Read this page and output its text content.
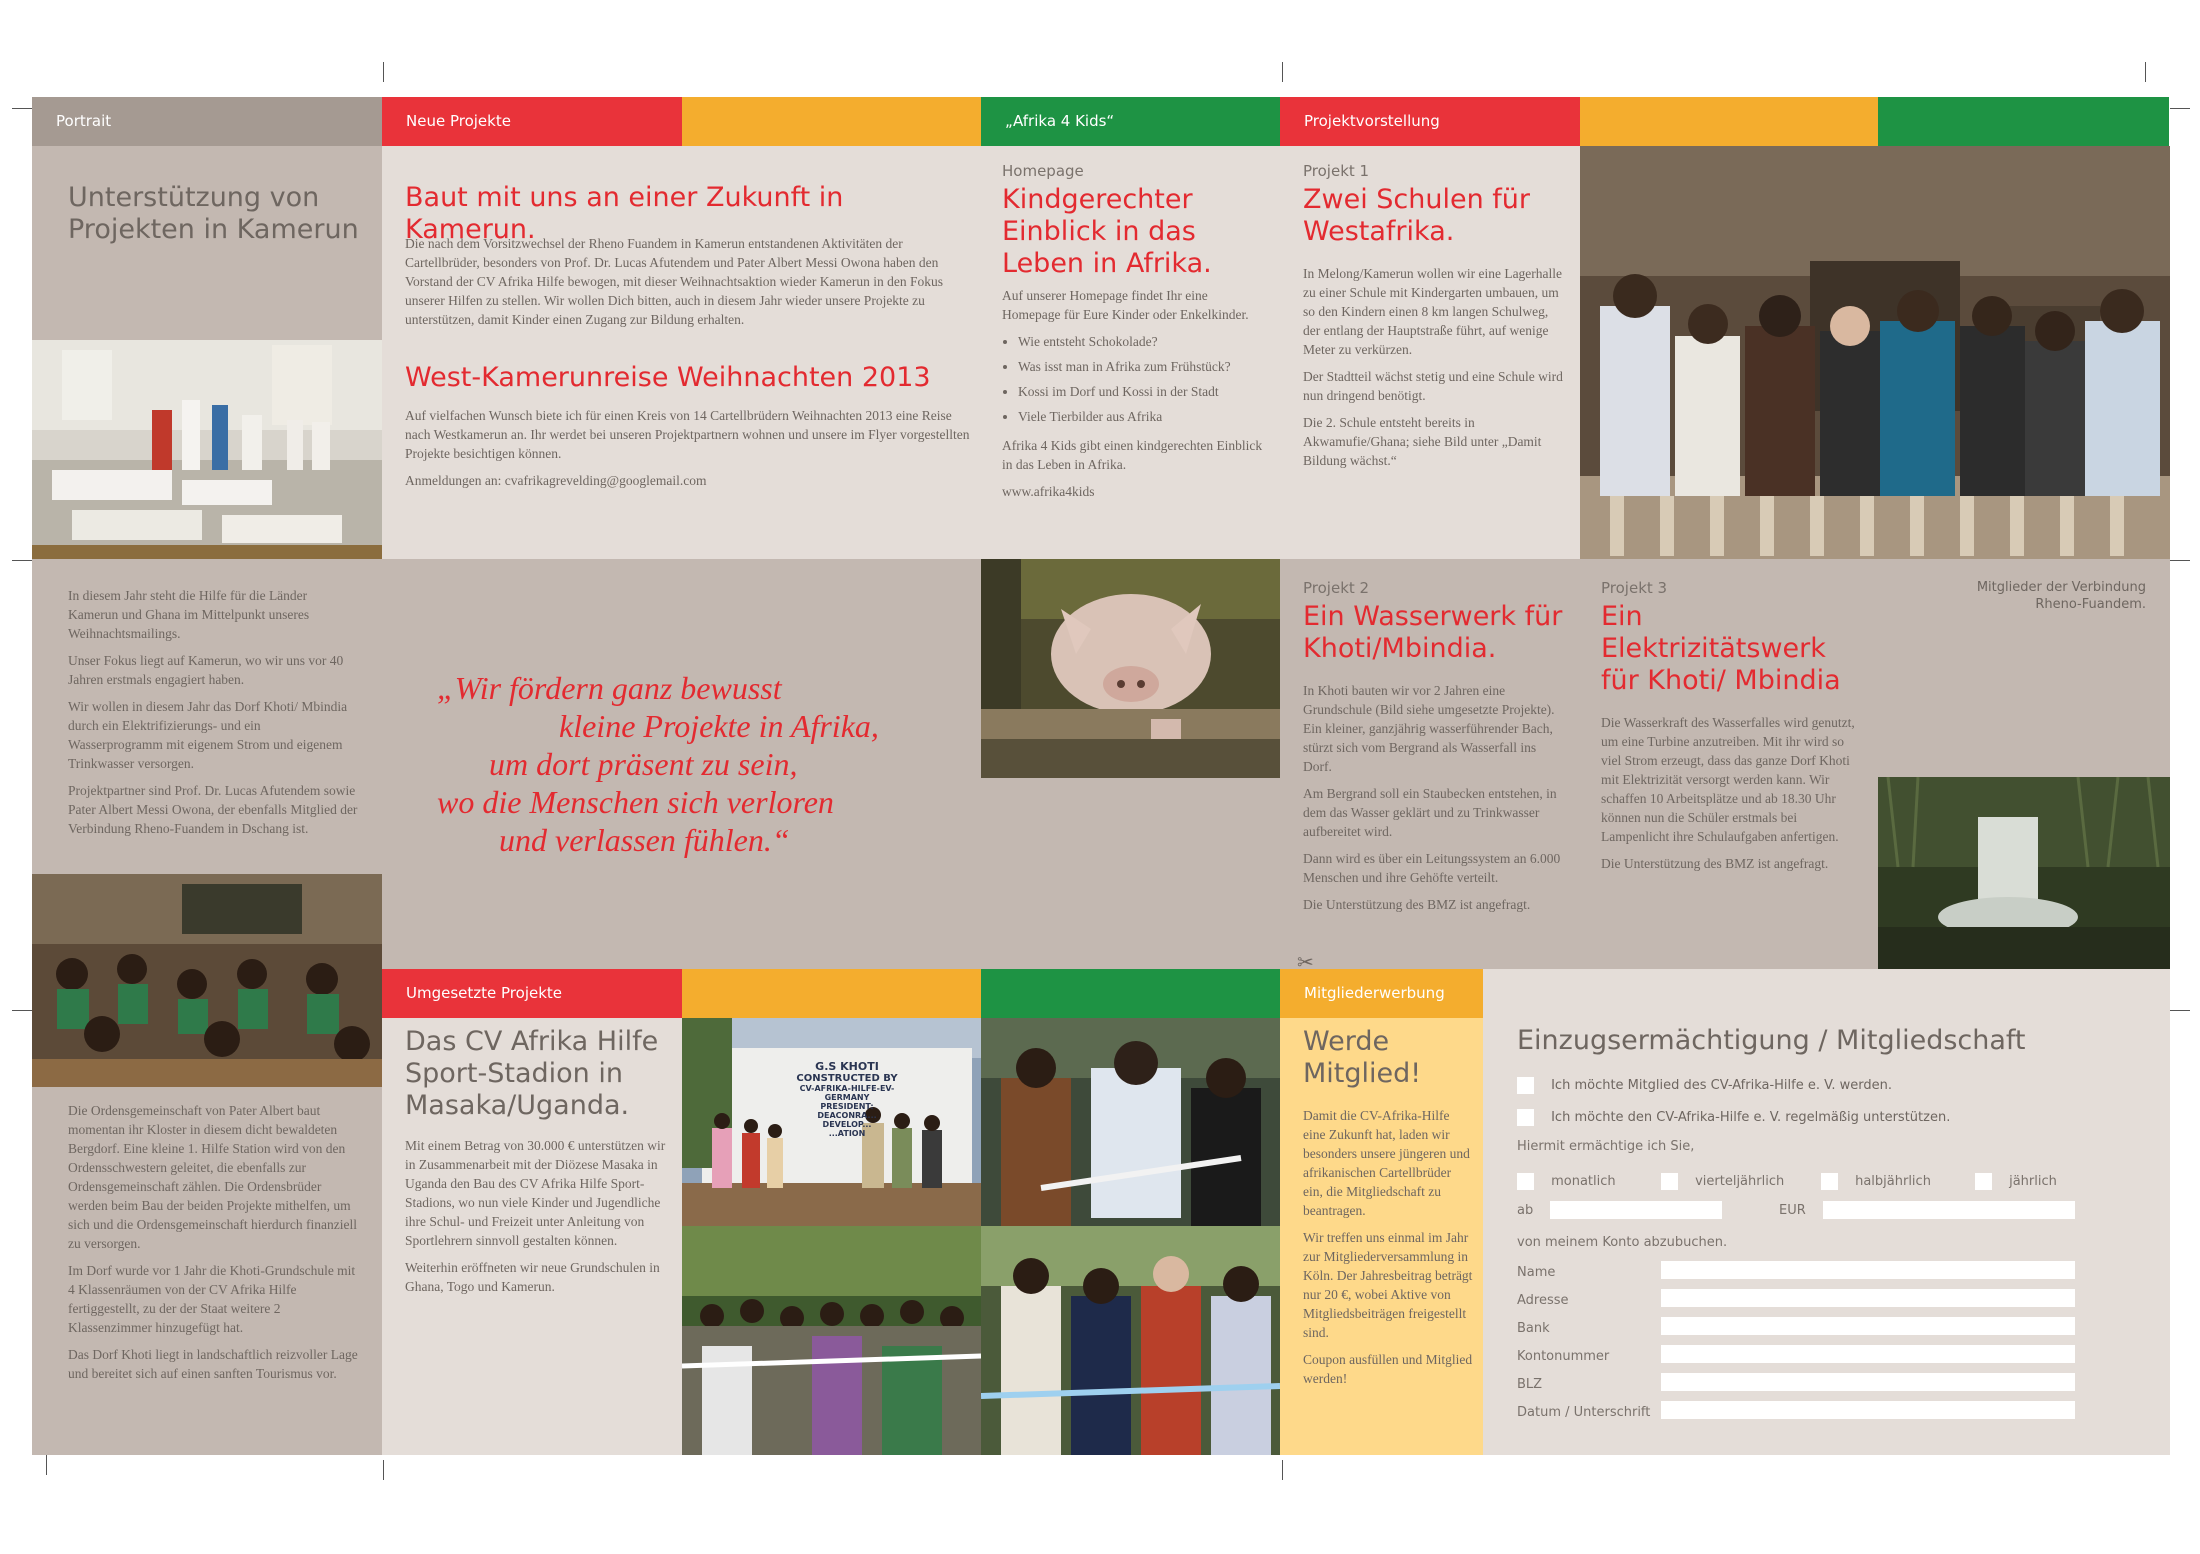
Portrait	Neue Projekte	„Afrika 4 Kids“	Projektvorstellung
Unterstützung von Projekten in Kamerun
Baut mit uns an einer Zukunft in Kamerun.
Die nach dem Vorsitzwechsel der Rheno Fuandem in Kamerun entstandenen Aktivitäten der Cartellbrüder, besonders von Prof. Dr. Lucas Afutendem und Pater Albert Messi Owona haben den Vorstand der CV Afrika Hilfe bewogen, mit dieser Weihnachtsaktion wieder Kamerun in den Fokus unserer Hilfen zu stellen. Wir wollen Dich bitten, auch in diesem Jahr wieder unsere Projekte zu unterstützen, damit Kinder einen Zugang zur Bildung erhalten.
West-Kamerunreise Weihnachten 2013
Auf vielfachen Wunsch biete ich für einen Kreis von 14 Cartellbrüdern Weihnachten 2013 eine Reise nach Westkamerun an. Ihr werdet bei unseren Projektpartnern wohnen und unsere im Flyer vorgestellten Projekte besichtigen können.
Anmeldungen an: cvafrikagrevelding@googlemail.com
Homepage
Kindgerechter Einblick in das Leben in Afrika.

Auf unserer Homepage findet Ihr eine Homepage für Eure Kinder oder Enkelkinder.

• Wie entsteht Schokolade?
• Was isst man in Afrika zum Frühstück?
• Kossi im Dorf und Kossi in der Stadt
• Viele Tierbilder aus Afrika

Afrika 4 Kids gibt einen kindgerechten Einblick in das Leben in Afrika.

www.afrika4kids

Projekt 1
Zwei Schulen für Westafrika.

In Melong/Kamerun wollen wir eine Lagerhalle zu einer Schule mit Kindergarten umbauen, um so den Kindern einen 8 km langen Schulweg, der entlang der Hauptstraße führt, auf wenige Meter zu verkürzen.

Der Stadtteil wächst stetig und eine Schule wird nun dringend benötigt.

Die 2. Schule entsteht bereits in Akwamufie/Ghana; siehe Bild unter „Damit Bildung wächst.“

In diesem Jahr steht die Hilfe für die Länder Kamerun und Ghana im Mittelpunkt unseres Weihnachtsmailings.

Unser Fokus liegt auf Kamerun, wo wir uns vor 40 Jahren erstmals engagiert haben.

Wir wollen in diesem Jahr das Dorf Khoti/ Mbindia durch ein Elektrifizierungs- und ein Wasserprogramm mit eigenem Strom und eigenem Trinkwasser versorgen.

Projektpartner sind Prof. Dr. Lucas Afutendem sowie Pater Albert Messi Owona, der ebenfalls Mitglied der Verbindung Rheno-Fuandem in Dschang ist.

„Wir fördern ganz bewusst
kleine Projekte in Afrika,
um dort präsent zu sein,
wo die Menschen sich verloren
und verlassen fühlen.“
Projekt 2
Ein Wasserwerk für Khoti/Mbindia.

In Khoti bauten wir vor 2 Jahren eine Grundschule (Bild siehe umgesetzte Projekte). Ein kleiner, ganzjährig wasserführender Bach, stürzt sich vom Bergrand als Wasserfall ins Dorf.

Am Bergrand soll ein Staubecken entstehen, in dem das Wasser geklärt und zu Trinkwasser aufbereitet wird.

Dann wird es über ein Leitungssystem an 6.000 Menschen und ihre Gehöfte verteilt.

Die Unterstützung des BMZ ist angefragt.

Projekt 3
Ein Elektrizitätswerk für Khoti/ Mbindia

Die Wasserkraft des Wasserfalles wird genutzt, um eine Turbine anzutreiben. Mit ihr wird so viel Strom erzeugt, dass das ganze Dorf Khoti mit Elektrizität versorgt werden kann. Wir schaffen 10 Arbeitsplätze und ab 18.30 Uhr können nun die Schüler erstmals bei Lampenlicht ihre Schulaufgaben anfertigen.

Die Unterstützung des BMZ ist angefragt.

Mitglieder der Verbindung Rheno-Fuandem.

Die Ordensgemeinschaft von Pater Albert baut momentan ihr Kloster in diesem dicht bewaldeten Bergdorf. Eine kleine 1. Hilfe Station wird von den Ordensschwestern geleitet, die ebenfalls zur Ordensgemeinschaft zählen. Die Ordensbrüder werden beim Bau der beiden Projekte mithelfen, um sich und die Ordensgemeinschaft hierdurch finanziell zu versorgen.

Im Dorf wurde vor 1 Jahr die Khoti-Grundschule mit 4 Klassenräumen von der CV Afrika Hilfe fertiggestellt, zu der der Staat weitere 2 Klassenzimmer hinzugefügt hat.

Das Dorf Khoti liegt in landschaftlich reizvoller Lage und bereitet sich auf einen sanften Tourismus vor.

Umgesetzte Projekte	Mitgliederwerbung
Das CV Afrika Hilfe Sport-Stadion in Masaka/Uganda.

Mit einem Betrag von 30.000 € unterstützen wir in Zusammenarbeit mit der Diözese Masaka in Uganda den Bau des CV Afrika Hilfe Sport-Stadions, wo nun viele Kinder und Jugendliche ihre Schul- und Freizeit unter Anleitung von Sportlehrern sinnvoll gestalten können.

Weiterhin eröffneten wir neue Grundschulen in Ghana, Togo und Kamerun.

G.S KHOTI
CONSTRUCTED BY
CV-AFRIKA-HILFE-EV-GERMANY
PRESIDENT: DEACONRA...
DEVELOP...
...ATION
Werde Mitglied!

Damit die CV-Afrika-Hilfe eine Zukunft hat, laden wir besonders unsere jüngeren und afrikanischen Cartellbrüder ein, die Mitgliedschaft zu beantragen.

Wir treffen uns einmal im Jahr zur Mitgliederversammlung in Köln. Der Jahresbeitrag beträgt nur 20 €, wobei Aktive von Mitgliedsbeiträgen freigestellt sind.

Coupon ausfüllen und Mitglied werden!

✂
Einzugsermächtigung / Mitgliedschaft
Ich möchte Mitglied des CV-Afrika-Hilfe e. V. werden.
Ich möchte den CV-Afrika-Hilfe e. V. regelmäßig unterstützen.
Hiermit ermächtige ich Sie,
monatlich	vierteljährlich	halbjährlich	jährlich
ab	EUR
von meinem Konto abzubuchen.
Name
Adresse
Bank
Kontonummer
BLZ
Datum / Unterschrift
